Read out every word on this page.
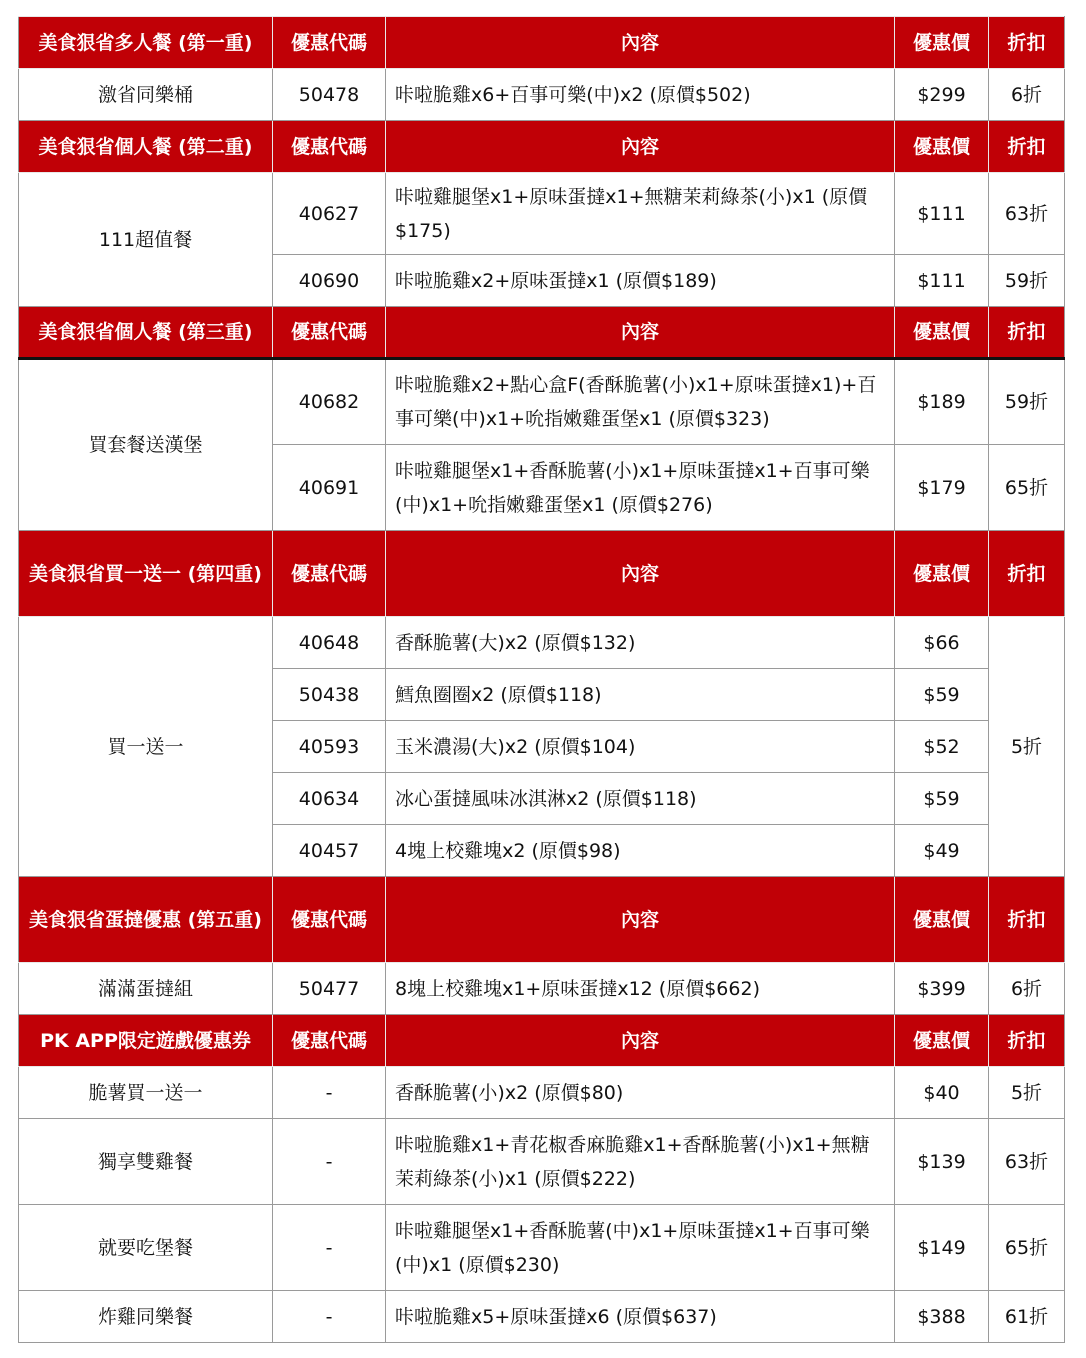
美食狠省多人餐 (第一重)	優惠代碼	內容	優惠價	折扣
激省同樂桶	50478	咔啦脆雞x6+百事可樂(中)x2 (原價$502)	$299	6折
美食狠省個人餐 (第二重)	優惠代碼	內容	優惠價	折扣
111超值餐	40627	咔啦雞腿堡x1+原味蛋撻x1+無糖茉莉綠茶(小)x1 (原價$175)	$111	63折
	40690	咔啦脆雞x2+原味蛋撻x1 (原價$189)	$111	59折
美食狠省個人餐 (第三重)	優惠代碼	內容	優惠價	折扣
買套餐送漢堡	40682	咔啦脆雞x2+點心盒F(香酥脆薯(小)x1+原味蛋撻x1)+百事可樂(中)x1+吮指嫩雞蛋堡x1 (原價$323)	$189	59折
	40691	咔啦雞腿堡x1+香酥脆薯(小)x1+原味蛋撻x1+百事可樂(中)x1+吮指嫩雞蛋堡x1 (原價$276)	$179	65折
美食狠省買一送一 (第四重)	優惠代碼	內容	優惠價	折扣
買一送一	40648	香酥脆薯(大)x2 (原價$132)	$66	5折
	50438	鱈魚圈圈x2 (原價$118)	$59	
	40593	玉米濃湯(大)x2 (原價$104)	$52	
	40634	冰心蛋撻風味冰淇淋x2 (原價$118)	$59	
	40457	4塊上校雞塊x2 (原價$98)	$49	
美食狠省蛋撻優惠 (第五重)	優惠代碼	內容	優惠價	折扣
滿滿蛋撻組	50477	8塊上校雞塊x1+原味蛋撻x12 (原價$662)	$399	6折
PK APP限定遊戲優惠券	優惠代碼	內容	優惠價	折扣
脆薯買一送一	-	香酥脆薯(小)x2 (原價$80)	$40	5折
獨享雙雞餐	-	咔啦脆雞x1+青花椒香麻脆雞x1+香酥脆薯(小)x1+無糖茉莉綠茶(小)x1 (原價$222)	$139	63折
就要吃堡餐	-	咔啦雞腿堡x1+香酥脆薯(中)x1+原味蛋撻x1+百事可樂(中)x1 (原價$230)	$149	65折
炸雞同樂餐	-	咔啦脆雞x5+原味蛋撻x6 (原價$637)	$388	61折
